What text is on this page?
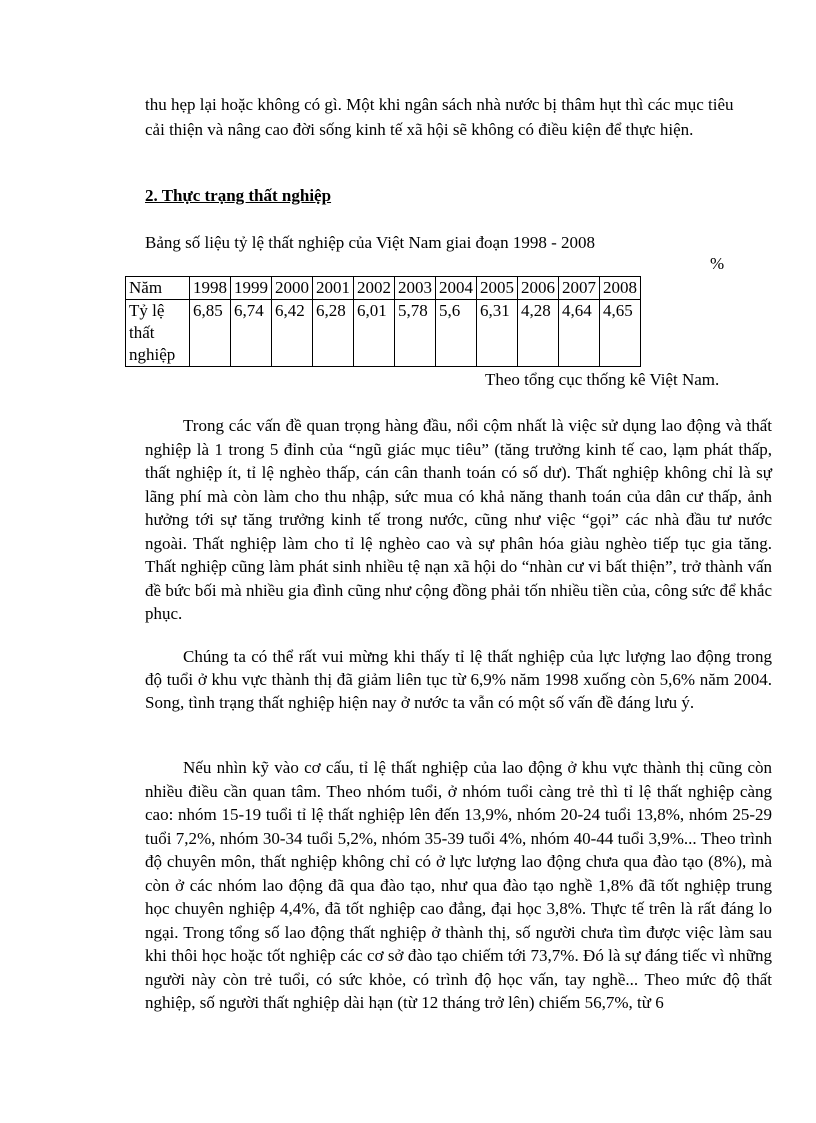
thu hẹp lại hoặc không có gì. Một khi ngân sách nhà nước bị thâm hụt thì các mục tiêu cải thiện và nâng cao đời sống kinh tế xã hội sẽ không có điều kiện để thực hiện.
2. Thực trạng thất nghiệp
Bảng số liệu tỷ lệ thất nghiệp của Việt Nam giai đoạn 1998 - 2008
%
Năm	1998	1999	2000	2001	2002	2003	2004	2005	2006	2007	2008
Tỷ lệ thất nghiệp	6,85	6,74	6,42	6,28	6,01	5,78	5,6	6,31	4,28	4,64	4,65
Theo tổng cục thống kê Việt Nam.
Trong các vấn đề quan trọng hàng đầu, nổi cộm nhất là việc sử dụng lao động và thất nghiệp là 1 trong 5 đỉnh của “ngũ giác mục tiêu” (tăng trưởng kinh tế cao, lạm phát thấp, thất nghiệp ít, tỉ lệ nghèo thấp, cán cân thanh toán có số dư). Thất nghiệp không chỉ là sự lãng phí mà còn làm cho thu nhập, sức mua có khả năng thanh toán của dân cư thấp, ảnh hưởng tới sự tăng trưởng kinh tế trong nước, cũng như việc “gọi” các nhà đầu tư nước ngoài. Thất nghiệp làm cho tỉ lệ nghèo cao và sự phân hóa giàu nghèo tiếp tục gia tăng. Thất nghiệp cũng làm phát sinh nhiều tệ nạn xã hội do “nhàn cư vi bất thiện”, trở thành vấn đề bức bối mà nhiều gia đình cũng như cộng đồng phải tốn nhiều tiền của, công sức để khắc phục.
Chúng ta có thể rất vui mừng khi thấy tỉ lệ thất nghiệp của lực lượng lao động trong độ tuổi ở khu vực thành thị đã giảm liên tục từ 6,9% năm 1998 xuống còn 5,6% năm 2004. Song, tình trạng thất nghiệp hiện nay ở nước ta vẫn có một số vấn đề đáng lưu ý.
Nếu nhìn kỹ vào cơ cấu, tỉ lệ thất nghiệp của lao động ở khu vực thành thị cũng còn nhiều điều cần quan tâm. Theo nhóm tuổi, ở nhóm tuổi càng trẻ thì tỉ lệ thất nghiệp càng cao: nhóm 15-19 tuổi tỉ lệ thất nghiệp lên đến 13,9%, nhóm 20-24 tuổi 13,8%, nhóm 25-29 tuổi 7,2%, nhóm 30-34 tuổi 5,2%, nhóm 35-39 tuổi 4%, nhóm 40-44 tuổi 3,9%... Theo trình độ chuyên môn, thất nghiệp không chỉ có ở lực lượng lao động chưa qua đào tạo (8%), mà còn ở các nhóm lao động đã qua đào tạo, như qua đào tạo nghề 1,8% đã tốt nghiệp trung học chuyên nghiệp 4,4%, đã tốt nghiệp cao đẳng, đại học 3,8%. Thực tế trên là rất đáng lo ngại. Trong tổng số lao động thất nghiệp ở thành thị, số người chưa tìm được việc làm sau khi thôi học hoặc tốt nghiệp các cơ sở đào tạo chiếm tới 73,7%. Đó là sự đáng tiếc vì những người này còn trẻ tuổi, có sức khỏe, có trình độ học vấn, tay nghề... Theo mức độ thất nghiệp, số người thất nghiệp dài hạn (từ 12 tháng trở lên) chiếm 56,7%, từ 6
